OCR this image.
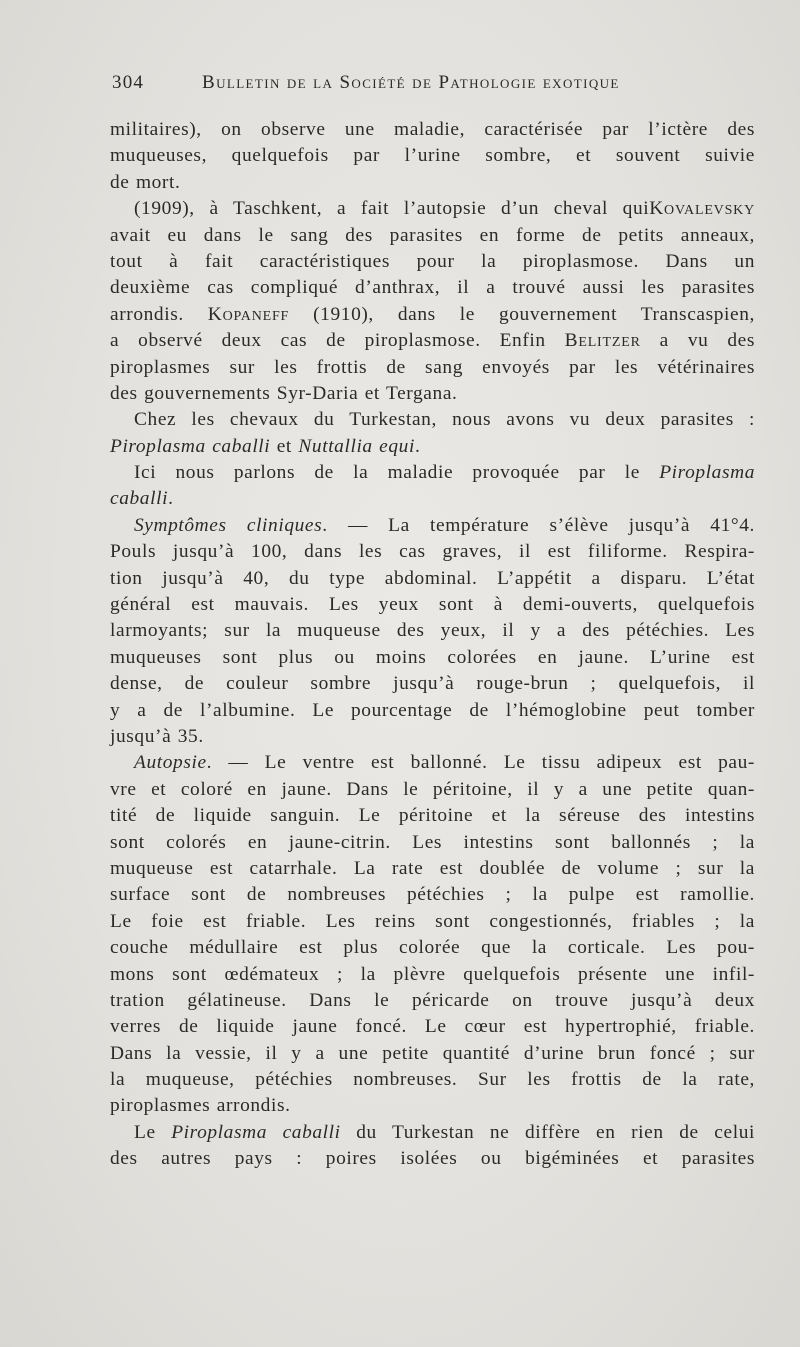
304	Bulletin de la Société de Pathologie exotique
militaires), on observe une maladie, caractérisée par l’ictère des
muqueuses, quelquefois par l’urine sombre, et souvent suivie
de mort.
(1909), à Taschkent, a fait l’autopsie d’un cheval quiKovalevsky
avait eu dans le sang des parasites en forme de petits anneaux,
tout à fait caractéristiques pour la piroplasmose. Dans un
deuxième cas compliqué d’anthrax, il a trouvé aussi les parasites
arrondis. Kopaneff (1910), dans le gouvernement Transcaspien,
a observé deux cas de piroplasmose. Enfin Belitzer a vu des
piroplasmes sur les frottis de sang envoyés par les vétérinaires
des gouvernements Syr-Daria et Tergana.
Chez les chevaux du Turkestan, nous avons vu deux parasites :
Piroplasma caballi et Nuttallia equi.
Ici nous parlons de la maladie provoquée par le Piroplasma
caballi.
Symptômes cliniques. — La température s’élève jusqu’à 41°4.
Pouls jusqu’à 100, dans les cas graves, il est filiforme. Respira-
tion jusqu’à 40, du type abdominal. L’appétit a disparu. L’état
général est mauvais. Les yeux sont à demi-ouverts, quelquefois
larmoyants; sur la muqueuse des yeux, il y a des pétéchies. Les
muqueuses sont plus ou moins colorées en jaune. L’urine est
dense, de couleur sombre jusqu’à rouge-brun ; quelquefois, il
y a de l’albumine. Le pourcentage de l’hémoglobine peut tomber
jusqu’à 35.
Autopsie. — Le ventre est ballonné. Le tissu adipeux est pau-
vre et coloré en jaune. Dans le péritoine, il y a une petite quan-
tité de liquide sanguin. Le péritoine et la séreuse des intestins
sont colorés en jaune-citrin. Les intestins sont ballonnés ; la
muqueuse est catarrhale. La rate est doublée de volume ; sur la
surface sont de nombreuses pétéchies ; la pulpe est ramollie.
Le foie est friable. Les reins sont congestionnés, friables ; la
couche médullaire est plus colorée que la corticale. Les pou-
mons sont œdémateux ; la plèvre quelquefois présente une infil-
tration gélatineuse. Dans le péricarde on trouve jusqu’à deux
verres de liquide jaune foncé. Le cœur est hypertrophié, friable.
Dans la vessie, il y a une petite quantité d’urine brun foncé ; sur
la muqueuse, pétéchies nombreuses. Sur les frottis de la rate,
piroplasmes arrondis.
Le Piroplasma caballi du Turkestan ne diffère en rien de celui
des autres pays : poires isolées ou bigéminées et parasites
